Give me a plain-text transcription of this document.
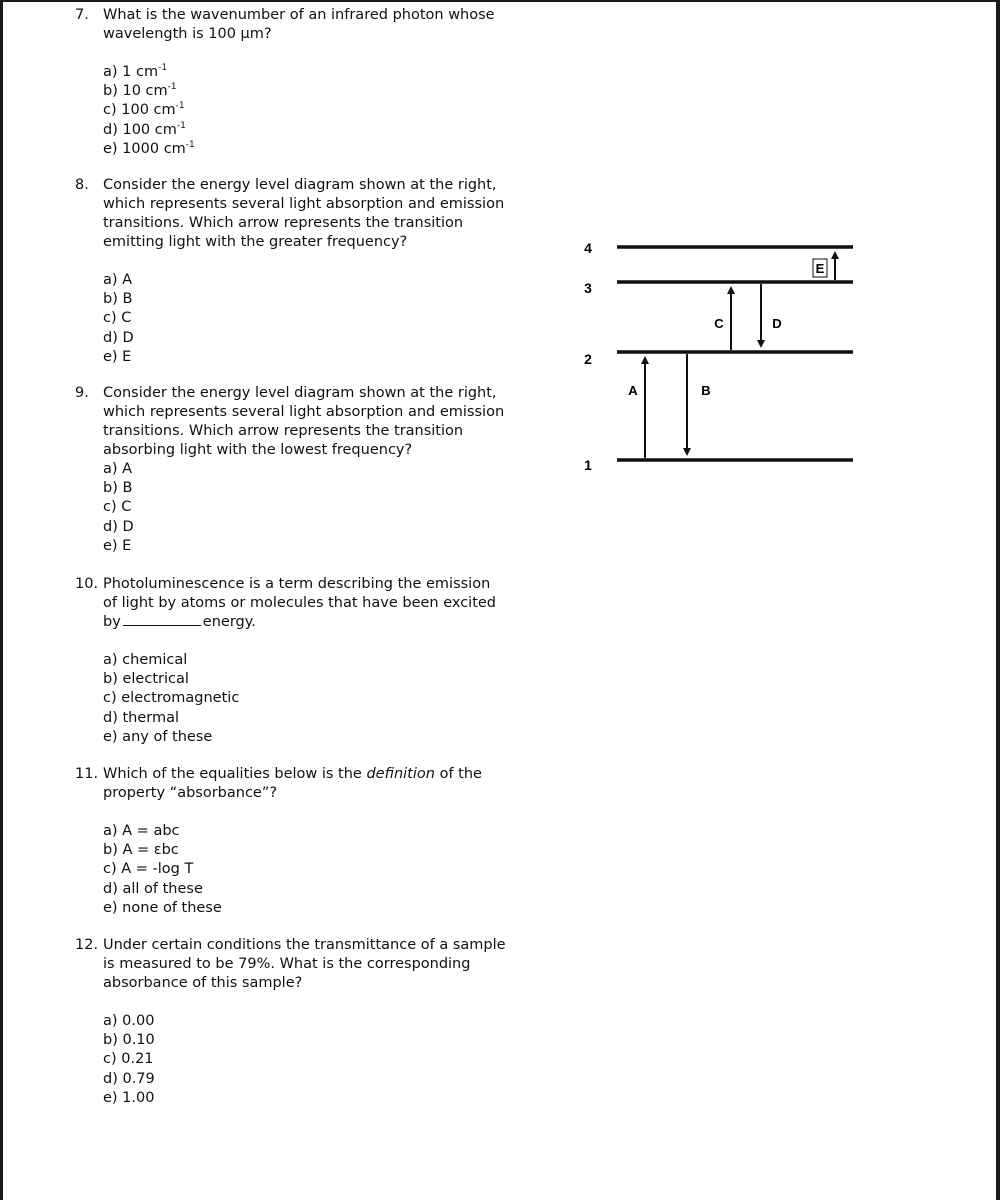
7. What is the wavenumber of an infrared photon whose
wavelength is 100 μm?
a) 1 $cm^{-1}$
b) 10 $cm^{-1}$
c) 100 $cm^{-1}$
d) 100 $cm^{-1}$
e) 1000 $cm^{-1}$
8. Consider the energy level diagram shown at the right,
which represents several light absorption and emission
transitions. Which arrow represents the transition
emitting light with the greater frequency?
a) A
b) B
c) C
d) D
e) E
9. Consider the energy level diagram shown at the right,
which represents several light absorption and emission
transitions. Which arrow represents the transition
absorbing light with the lowest frequency?
a) A
b) B
c) C
d) D
e) E
10. Photoluminescence is a term describing the emission
of light by atoms or molecules that have been excited
by	energy.
a) chemical
b) electrical
c) electromagnetic
d) thermal
e) any of these
11. Which of the equalities below is the definition of the
property “absorbance”?
a) A = abc
b) A = εbc
c) A = -log T
d) all of these
e) none of these
12. Under certain conditions the transmittance of a sample
is measured to be 79%. What is the corresponding
absorbance of this sample?
a) 0.00
b) 0.10
c) 0.21
d) 0.79
e) 1.00
4
3
2
1
A	B
C	D
E
